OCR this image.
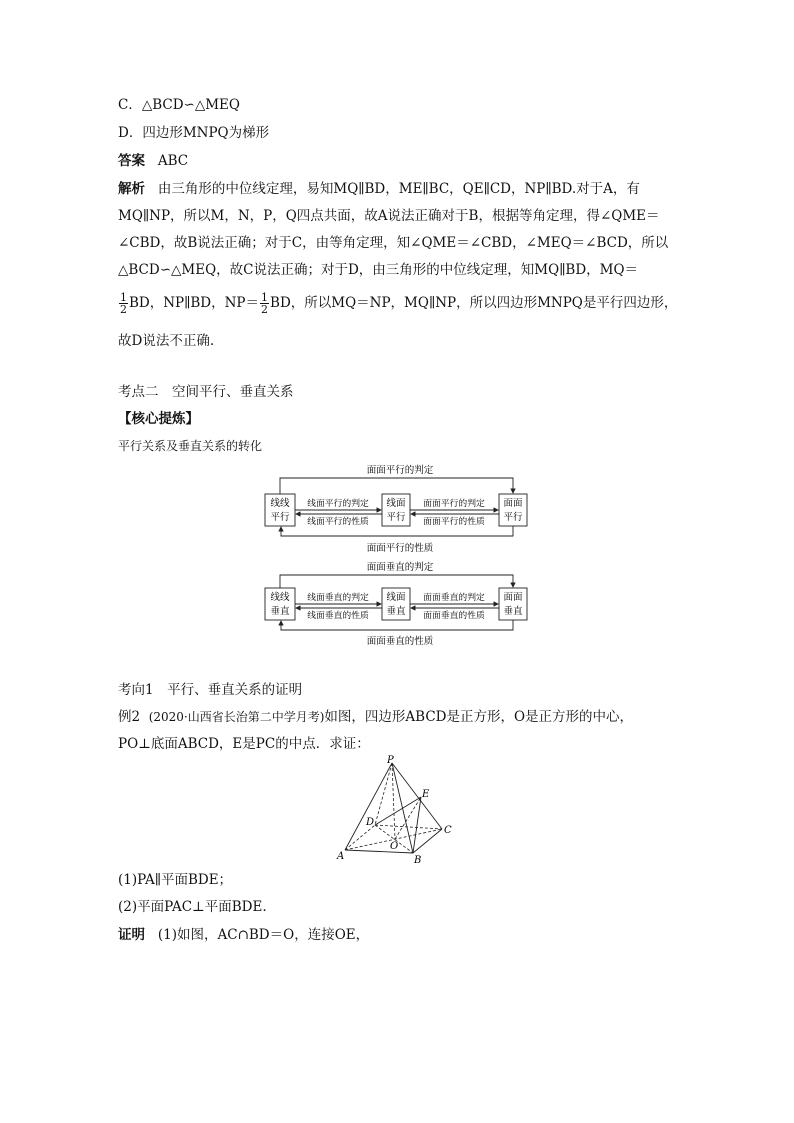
C．△BCD∽△MEQ
D．四边形MNPQ为梯形
答案 ABC
解析 由三角形的中位线定理，易知MQ∥BD，ME∥BC，QE∥CD，NP∥BD.对于A，有
MQ∥NP，所以M，N，P，Q四点共面，故A说法正确对于B，根据等角定理，得∠QME＝
∠CBD，故B说法正确；对于C，由等角定理，知∠QME＝∠CBD，∠MEQ＝∠BCD，所以
△BCD∽△MEQ，故C说法正确；对于D，由三角形的中位线定理，知MQ∥BD，MQ＝
$\frac{1}{2}$ BD，NP∥BD，$NP= \frac{1}{2}$ BD，所以MQ＝NP，MQ∥NP，所以四边形MNPQ是平行四边形，
故D说法不正确.
考点二　空间平行、垂直关系
【核心提炼】
平行关系及垂直关系的转化
面面平行的判定
线线
平行
线面
平行
面面
平行
线面平行的判定
线面平行的性质
面面平行的判定
面面平行的性质
面面平行的性质
面面垂直的判定
线线
垂直
线面
垂直
面面
垂直
线面垂直的判定
线面垂直的性质
面面垂直的判定
面面垂直的性质
面面垂直的性质
考向1　平行、垂直关系的证明
例2 (2020·山西省长治第二中学月考)如图，四边形ABCD是正方形，O是正方形的中心，
PO⊥底面ABCD，E是PC的中点．求证：
P
E
D
C
O
A	B
(1)PA∥平面BDE；
(2)平面PAC⊥平面BDE.
证明 (1)如图，AC∩BD＝O，连接OE，
